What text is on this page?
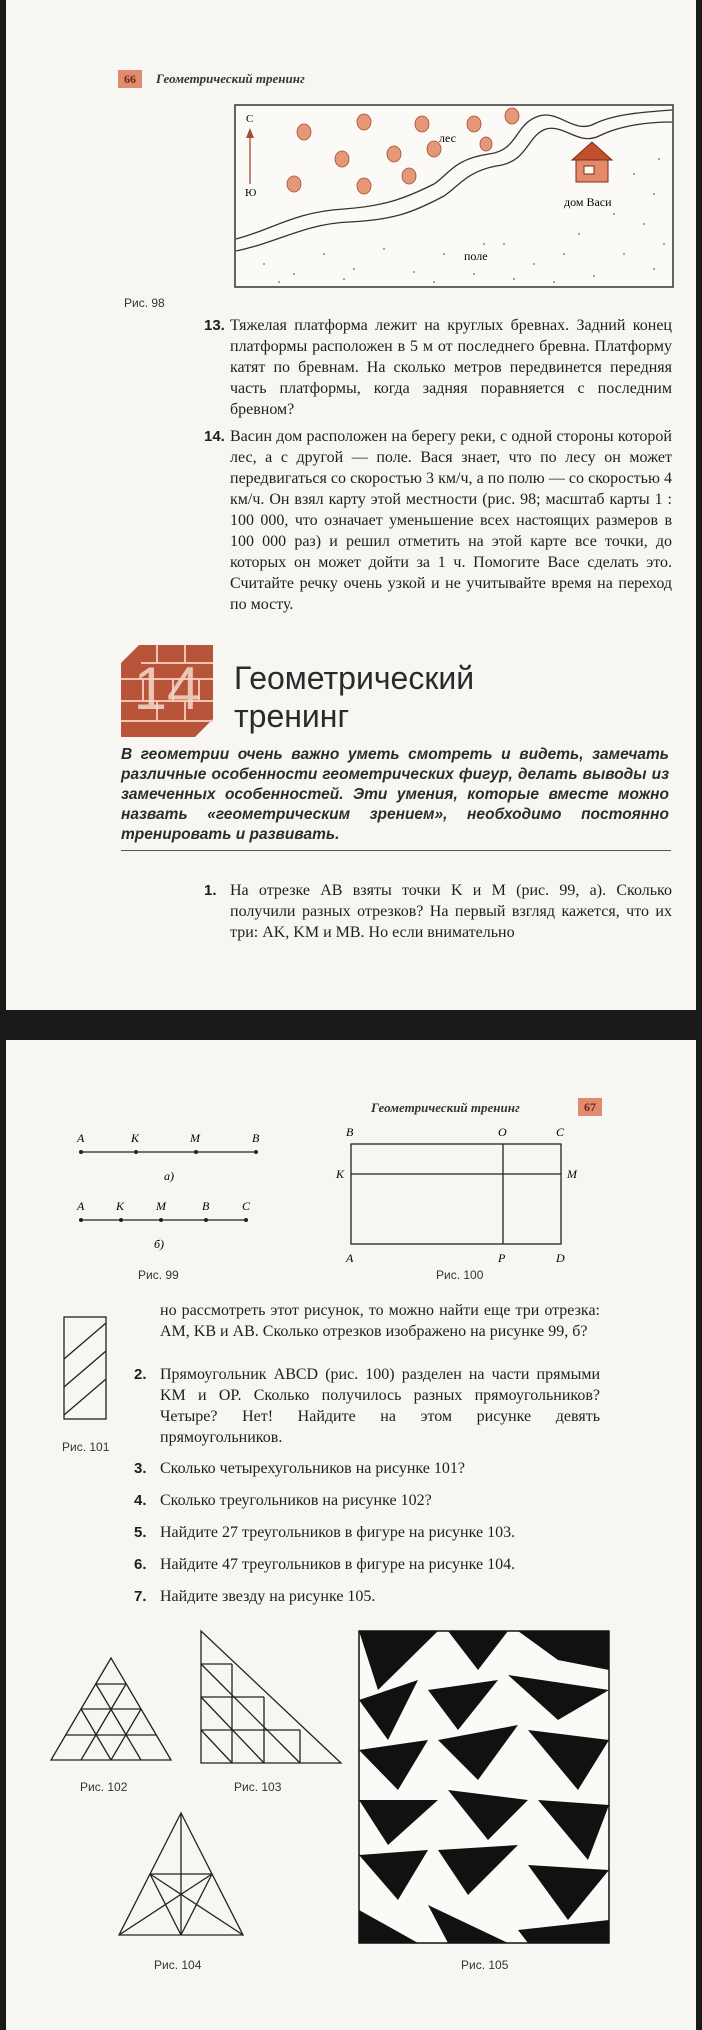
66	Геометрический тренинг
С
Ю
лес
дом Васи
поле
Рис. 98
13. Тяжелая платформа лежит на круглых бревнах. Задний конец платформы расположен в 5 м от последнего бревна. Платформу катят по бревнам. На сколько метров передвинется передняя часть платформы, когда задняя поравняется с последним бревном?
14. Васин дом расположен на берегу реки, с одной стороны которой лес, а с другой — поле. Вася знает, что по лесу он может передвигаться со скоростью 3 км/ч, а по полю — со скоростью 4 км/ч. Он взял карту этой местности (рис. 98; масштаб карты 1 : 100 000, что означает уменьшение всех настоящих размеров в 100 000 раз) и решил отметить на этой карте все точки, до которых он может дойти за 1 ч. Помогите Васе сделать это. Считайте речку очень узкой и не учитывайте время на переход по мосту.
14	Геометрический
тренинг
В геометрии очень важно уметь смотреть и видеть, замечать различные особенности геометрических фигур, делать выводы из замеченных особенностей. Эти умения, которые вместе можно назвать «геометрическим зрением», необходимо постоянно тренировать и развивать.
1. На отрезке AB взяты точки K и M (рис. 99, а). Сколько получили разных отрезков? На первый взгляд кажется, что их три: AK, KM и MB. Но если внимательно
Геометрический тренинг	67
A	K	M	B
а)
A	K	M	B	C
б)
Рис. 99
B	O	C
K	M
A	P	D
Рис. 100
Рис. 101
но рассмотреть этот рисунок, то можно найти еще три отрезка: AM, KB и AB. Сколько отрезков изображено на рисунке 99, б?
2. Прямоугольник ABCD (рис. 100) разделен на части прямыми KM и OP. Сколько получилось разных прямоугольников? Четыре? Нет! Найдите на этом рисунке девять прямоугольников.
3. Сколько четырехугольников на рисунке 101?
4. Сколько треугольников на рисунке 102?
5. Найдите 27 треугольников в фигуре на рисунке 103.
6. Найдите 47 треугольников в фигуре на рисунке 104.
7. Найдите звезду на рисунке 105.
Рис. 102	Рис. 103
Рис. 104	Рис. 105
